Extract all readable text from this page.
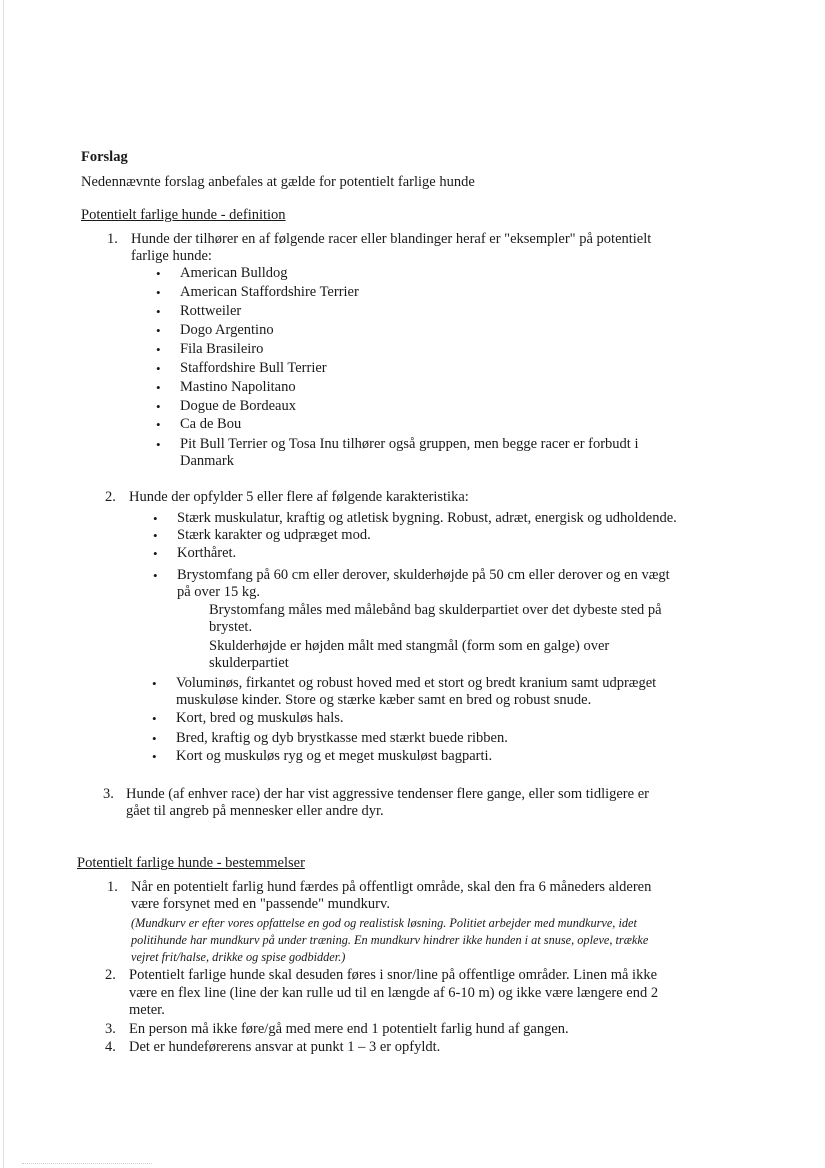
Forslag
Nedennævnte forslag anbefales at gælde for potentielt farlige hunde
Potentielt farlige hunde - definition
1. Hunde der tilhører en af følgende racer eller blandinger heraf er "eksempler" på potentielt
farlige hunde:
• American Bulldog
• American Staffordshire Terrier
• Rottweiler
• Dogo Argentino
• Fila Brasileiro
• Staffordshire Bull Terrier
• Mastino Napolitano
• Dogue de Bordeaux
• Ca de Bou
• Pit Bull Terrier og Tosa Inu tilhører også gruppen, men begge racer er forbudt i
Danmark
2. Hunde der opfylder 5 eller flere af følgende karakteristika:
• Stærk muskulatur, kraftig og atletisk bygning. Robust, adræt, energisk og udholdende.
• Stærk karakter og udpræget mod.
• Korthåret.
• Brystomfang på 60 cm eller derover, skulderhøjde på 50 cm eller derover og en vægt
på over 15 kg.
Brystomfang måles med målebånd bag skulderpartiet over det dybeste sted på
brystet.
Skulderhøjde er højden målt med stangmål (form som en galge) over
skulderpartiet
• Voluminøs, firkantet og robust hoved med et stort og bredt kranium samt udpræget
muskuløse kinder. Store og stærke kæber samt en bred og robust snude.
• Kort, bred og muskuløs hals.
• Bred, kraftig og dyb brystkasse med stærkt buede ribben.
• Kort og muskuløs ryg og et meget muskuløst bagparti.
3. Hunde (af enhver race) der har vist aggressive tendenser flere gange, eller som tidligere er
gået til angreb på mennesker eller andre dyr.
Potentielt farlige hunde - bestemmelser
1. Når en potentielt farlig hund færdes på offentligt område, skal den fra 6 måneders alderen
være forsynet med en "passende" mundkurv.
(Mundkurv er efter vores opfattelse en god og realistisk løsning. Politiet arbejder med mundkurve, idet
politihunde har mundkurv på under træning. En mundkurv hindrer ikke hunden i at snuse, opleve, trække
vejret frit/halse, drikke og spise godbidder.)
2. Potentielt farlige hunde skal desuden føres i snor/line på offentlige områder. Linen må ikke
være en flex line (line der kan rulle ud til en længde af 6-10 m) og ikke være længere end 2
meter.
3. En person må ikke føre/gå med mere end 1 potentielt farlig hund af gangen.
4. Det er hundeførerens ansvar at punkt 1 – 3 er opfyldt.
